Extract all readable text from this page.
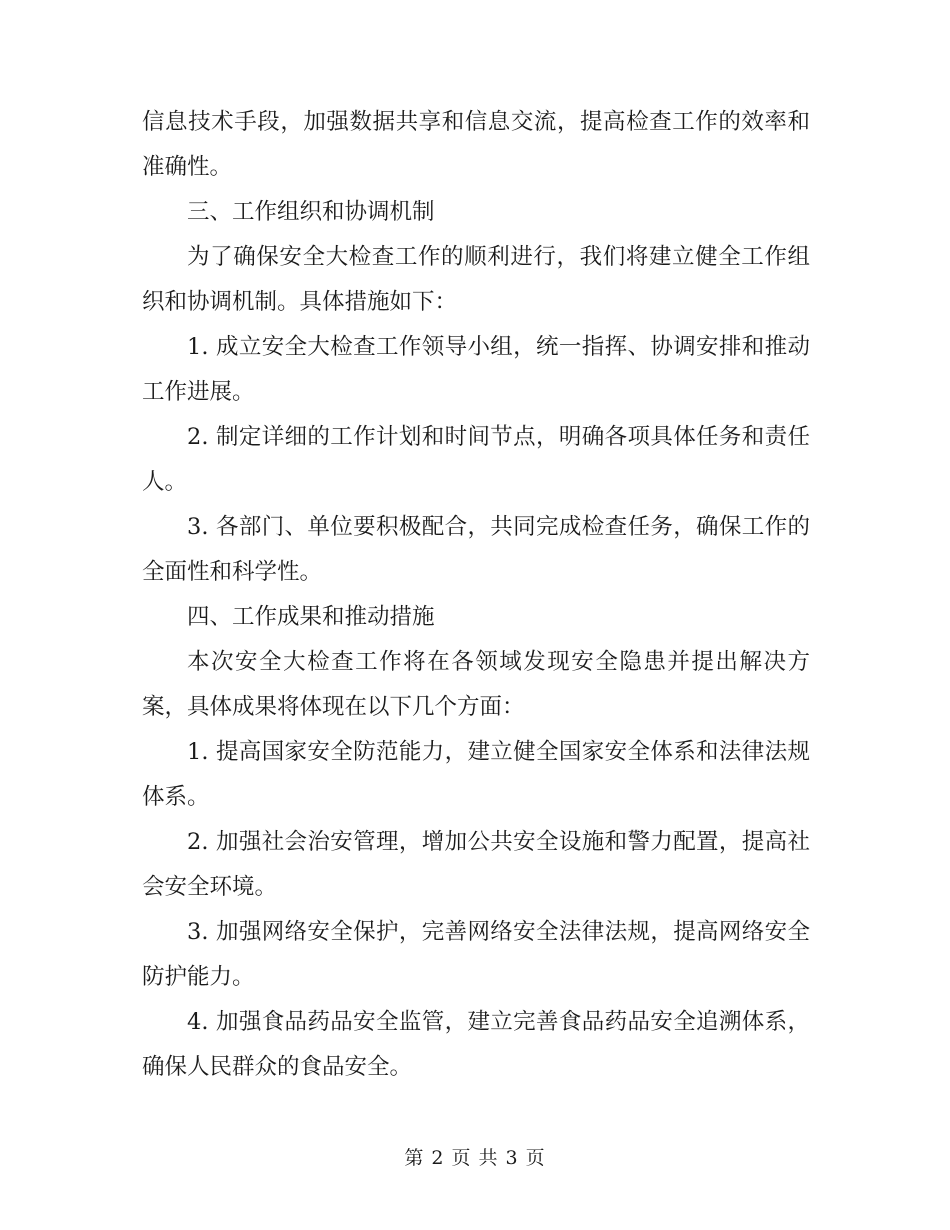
信息技术手段，加强数据共享和信息交流，提高检查工作的效率和准确性。

三、工作组织和协调机制

为了确保安全大检查工作的顺利进行，我们将建立健全工作组织和协调机制。具体措施如下：

1. 成立安全大检查工作领导小组，统一指挥、协调安排和推动工作进展。

2. 制定详细的工作计划和时间节点，明确各项具体任务和责任人。

3. 各部门、单位要积极配合，共同完成检查任务，确保工作的全面性和科学性。

四、工作成果和推动措施

本次安全大检查工作将在各领域发现安全隐患并提出解决方案，具体成果将体现在以下几个方面：

1. 提高国家安全防范能力，建立健全国家安全体系和法律法规体系。

2. 加强社会治安管理，增加公共安全设施和警力配置，提高社会安全环境。

3. 加强网络安全保护，完善网络安全法律法规，提高网络安全防护能力。

4. 加强食品药品安全监管，建立完善食品药品安全追溯体系，确保人民群众的食品安全。

第 2 页 共 3 页
